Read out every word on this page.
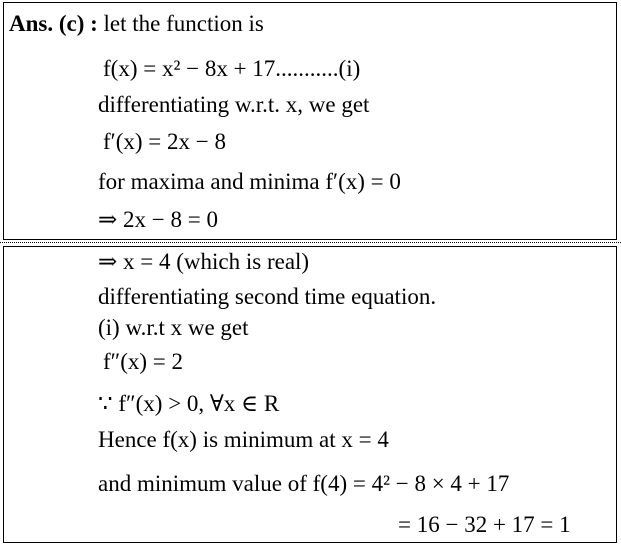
Ans. (c) : let the function is
f(x) = x² − 8x + 17...........(i)
differentiating w.r.t. x, we get
f′(x) = 2x − 8
for maxima and minima f′(x) = 0
⇒ 2x − 8 = 0
⇒ x = 4 (which is real)
differentiating second time equation.
(i) w.r.t x we get
f″(x) = 2
∵ f″(x) > 0, ∀x ∈ R
Hence f(x) is minimum at x = 4
and minimum value of f(4) = 4² − 8 × 4 + 17
= 16 − 32 + 17 = 1
